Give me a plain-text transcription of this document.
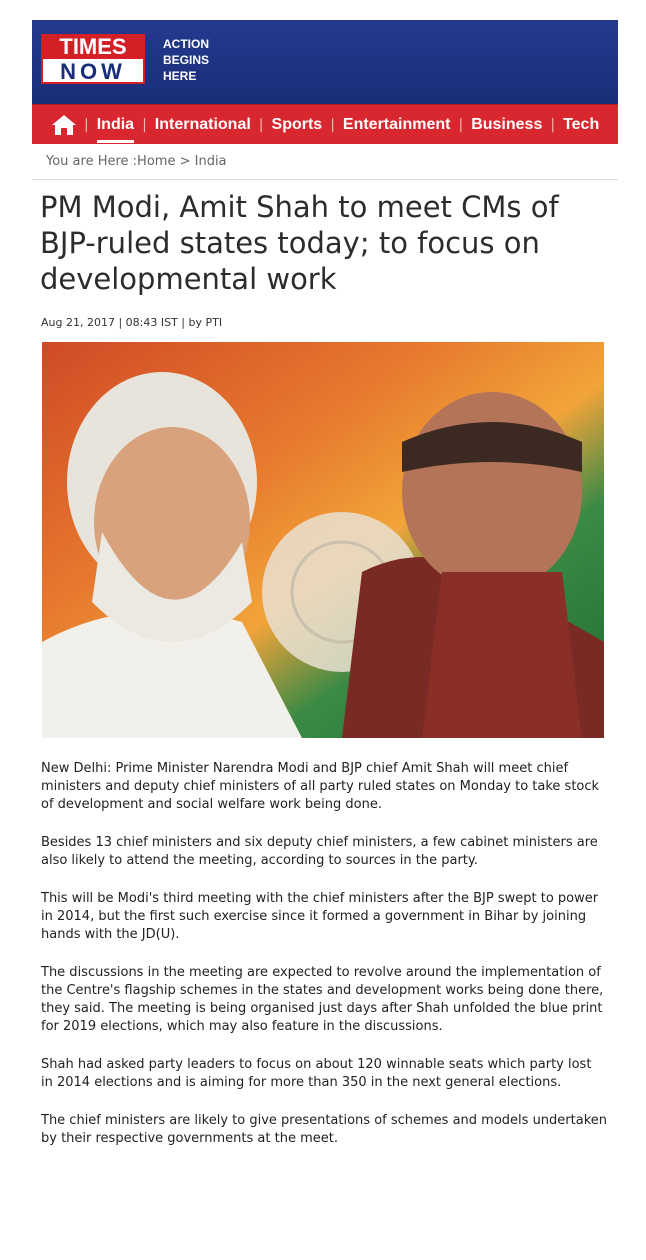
TIMES
NOW
ACTION
BEGINS
HERE
| India | International | Sports | Entertainment | Business | Tech
You are Here :Home > India
PM Modi, Amit Shah to meet CMs of BJP-ruled states today; to focus on developmental work
Aug 21, 2017 | 08:43 IST | by PTI

New Delhi: Prime Minister Narendra Modi and BJP chief Amit Shah will meet chief ministers and deputy chief ministers of all party ruled states on Monday to take stock of development and social welfare work being done.

Besides 13 chief ministers and six deputy chief ministers, a few cabinet ministers are also likely to attend the meeting, according to sources in the party.

This will be Modi's third meeting with the chief ministers after the BJP swept to power in 2014, but the first such exercise since it formed a government in Bihar by joining hands with the JD(U).

The discussions in the meeting are expected to revolve around the implementation of the Centre's flagship schemes in the states and development works being done there, they said. The meeting is being organised just days after Shah unfolded the blue print for 2019 elections, which may also feature in the discussions.

Shah had asked party leaders to focus on about 120 winnable seats which party lost in 2014 elections and is aiming for more than 350 in the next general elections.

The chief ministers are likely to give presentations of schemes and models undertaken by their respective governments at the meet.
